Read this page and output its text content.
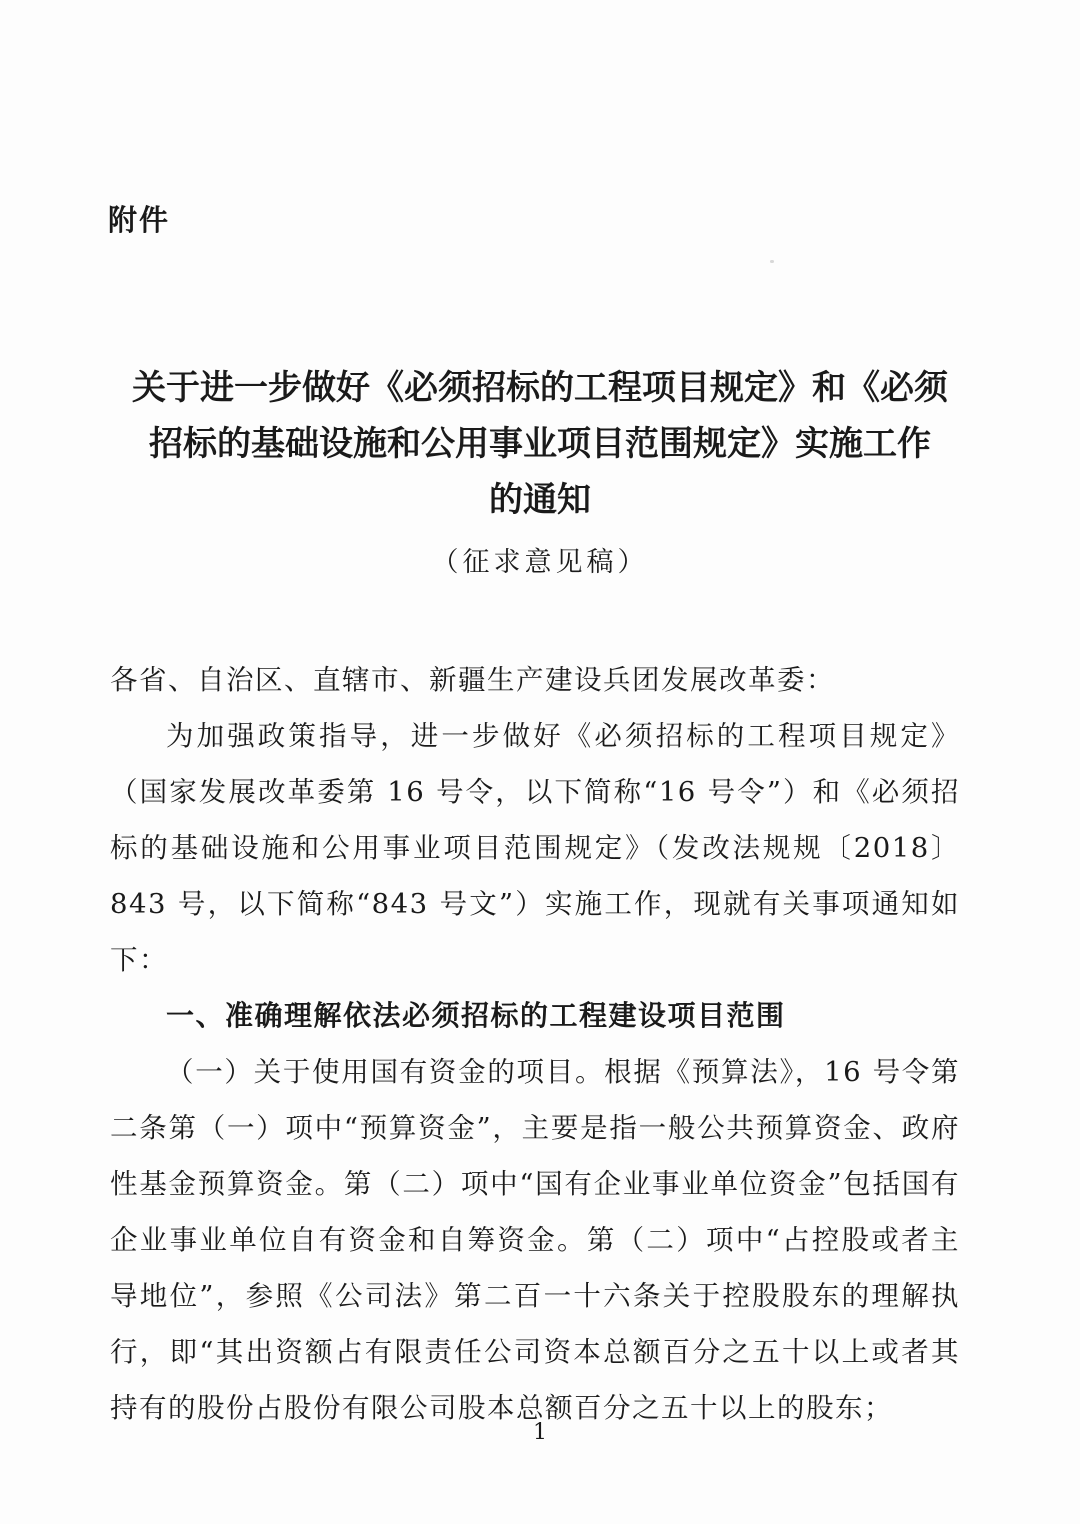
附件
关于进一步做好《必须招标的工程项目规定》和《必须
招标的基础设施和公用事业项目范围规定》实施工作
的通知
（征求意见稿）

各省、自治区、直辖市、新疆生产建设兵团发展改革委：

为加强政策指导，进一步做好《必须招标的工程项目规定》（国家发展改革委第 16 号令，以下简称“16 号令”）和《必须招标的基础设施和公用事业项目范围规定》（发改法规规〔2018〕843 号，以下简称“843 号文”）实施工作，现就有关事项通知如下：

一、准确理解依法必须招标的工程建设项目范围

（一）关于使用国有资金的项目。根据《预算法》，16 号令第二条第（一）项中“预算资金”，主要是指一般公共预算资金、政府性基金预算资金。第（二）项中“国有企业事业单位资金”包括国有企业事业单位自有资金和自筹资金。第（二）项中“占控股或者主导地位”，参照《公司法》第二百一十六条关于控股股东的理解执行，即“其出资额占有限责任公司资本总额百分之五十以上或者其持有的股份占股份有限公司股本总额百分之五十以上的股东；

1
